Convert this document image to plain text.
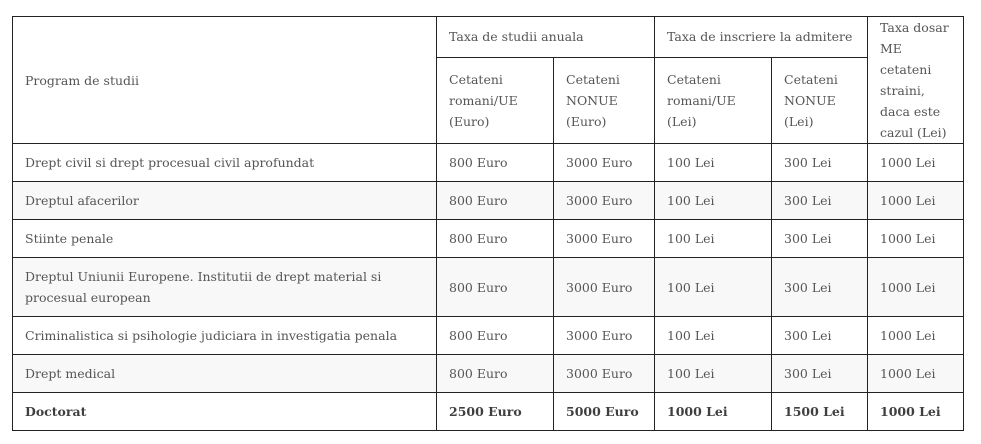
Program de studii	Taxa de studii anuala		Taxa de inscriere la admitere		Taxa dosar ME cetateni straini, daca este cazul (Lei)
	Cetateni romani/UE (Euro)	Cetateni NONUE (Euro)	Cetateni romani/UE (Lei)	Cetateni NONUE (Lei)	
Drept civil si drept procesual civil aprofundat	800 Euro	3000 Euro	100 Lei	300 Lei	1000 Lei
Dreptul afacerilor	800 Euro	3000 Euro	100 Lei	300 Lei	1000 Lei
Stiinte penale	800 Euro	3000 Euro	100 Lei	300 Lei	1000 Lei
Dreptul Uniunii Europene. Institutii de drept material si procesual european	800 Euro	3000 Euro	100 Lei	300 Lei	1000 Lei
Criminalistica si psihologie judiciara in investigatia penala	800 Euro	3000 Euro	100 Lei	300 Lei	1000 Lei
Drept medical	800 Euro	3000 Euro	100 Lei	300 Lei	1000 Lei
Doctorat	2500 Euro	5000 Euro	1000 Lei	1500 Lei	1000 Lei
